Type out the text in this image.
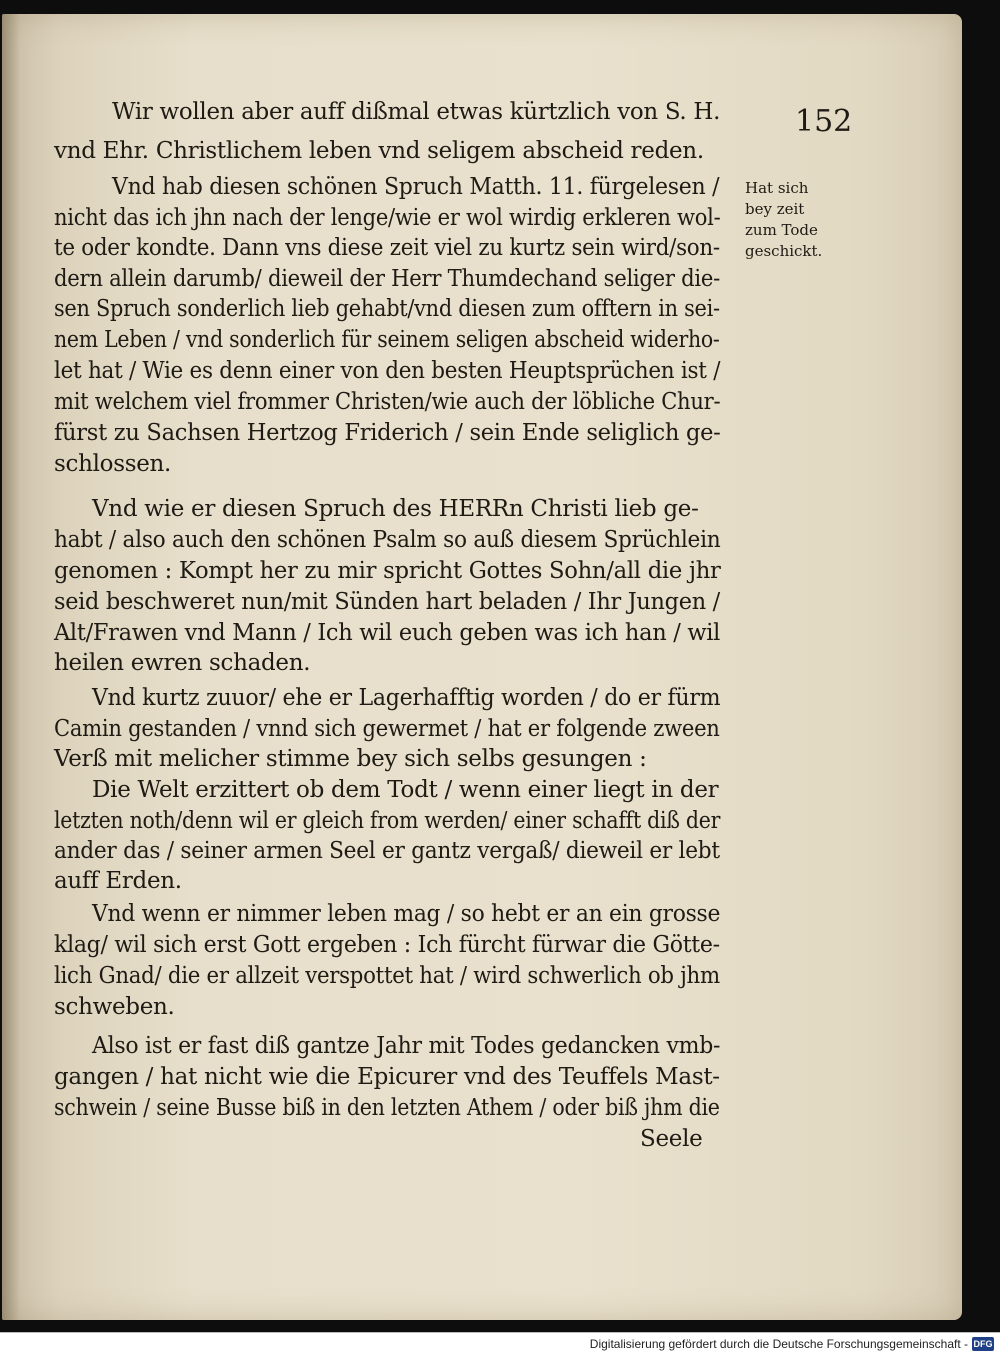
152
Hat sich
bey zeit
zum Tode
geschickt.

Wir wollen aber auff dißmal etwas kürtzlich von S. H.

vnd Ehr. Christlichem leben vnd seligem abscheid reden.

Vnd hab diesen schönen Spruch Matth. 11. fürgelesen /

nicht das ich jhn nach der lenge/wie er wol wirdig erkleren wol-

te oder kondte. Dann vns diese zeit viel zu kurtz sein wird/son-

dern allein darumb/ dieweil der Herr Thumdechand seliger die-

sen Spruch sonderlich lieb gehabt/vnd diesen zum offtern in sei-

nem Leben / vnd sonderlich für seinem seligen abscheid widerho-

let hat / Wie es denn einer von den besten Heuptsprüchen ist /

mit welchem viel frommer Christen/wie auch der löbliche Chur-

fürst zu Sachsen Hertzog Friderich / sein Ende seliglich ge-

schlossen.

Vnd wie er diesen Spruch des HERRn Christi lieb ge-

habt / also auch den schönen Psalm so auß diesem Sprüchlein

genomen : Kompt her zu mir spricht Gottes Sohn/all die jhr

seid beschweret nun/mit Sünden hart beladen / Ihr Jungen /

Alt/Frawen vnd Mann / Ich wil euch geben was ich han / wil

heilen ewren schaden.

Vnd kurtz zuuor/ ehe er Lagerhafftig worden / do er fürm

Camin gestanden / vnnd sich gewermet / hat er folgende zween

Verß mit melicher stimme bey sich selbs gesungen :

Die Welt erzittert ob dem Todt / wenn einer liegt in der

letzten noth/denn wil er gleich from werden/ einer schafft diß der

ander das / seiner armen Seel er gantz vergaß/ dieweil er lebt

auff Erden.

Vnd wenn er nimmer leben mag / so hebt er an ein grosse

klag/ wil sich erst Gott ergeben : Ich fürcht fürwar die Götte-

lich Gnad/ die er allzeit verspottet hat / wird schwerlich ob jhm

schweben.

Also ist er fast diß gantze Jahr mit Todes gedancken vmb-

gangen / hat nicht wie die Epicurer vnd des Teuffels Mast-

schwein / seine Busse biß in den letzten Athem / oder biß jhm die

Seele

Digitalisierung gefördert durch die Deutsche Forschungsgemeinschaft - DFG
